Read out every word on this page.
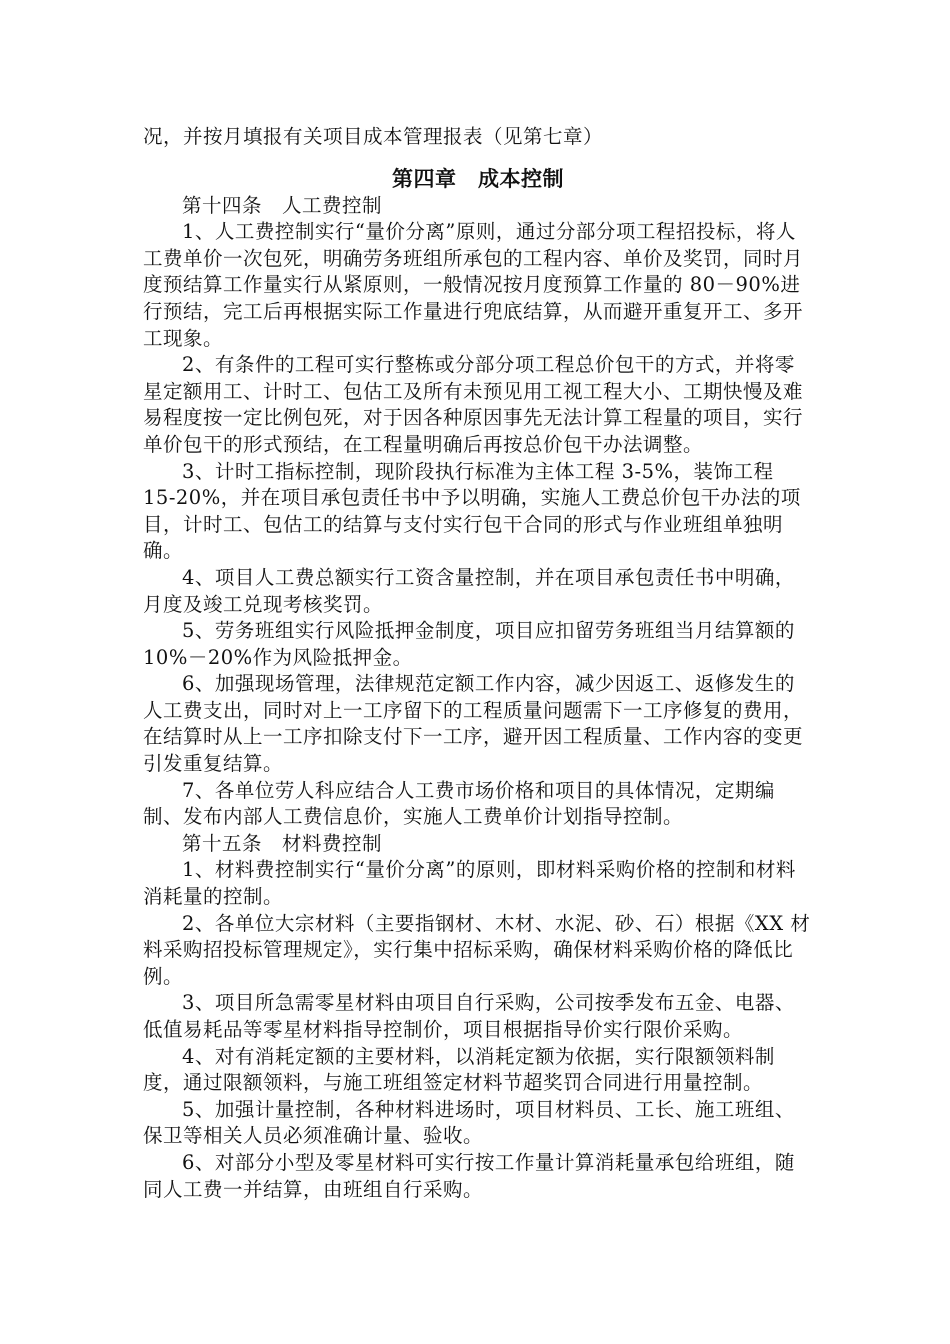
况，并按月填报有关项目成本管理报表（见第七章）

第四章　成本控制

第十四条　人工费控制

1、人工费控制实行“量价分离”原则，通过分部分项工程招投标，将人工费单价一次包死，明确劳务班组所承包的工程内容、单价及奖罚，同时月度预结算工作量实行从紧原则，一般情况按月度预算工作量的 80－90%进行预结，完工后再根据实际工作量进行兜底结算，从而避开重复开工、多开工现象。

2、有条件的工程可实行整栋或分部分项工程总价包干的方式，并将零星定额用工、计时工、包估工及所有未预见用工视工程大小、工期快慢及难易程度按一定比例包死，对于因各种原因事先无法计算工程量的项目，实行单价包干的形式预结，在工程量明确后再按总价包干办法调整。

3、计时工指标控制，现阶段执行标准为主体工程 3-5%，装饰工程 15-20%，并在项目承包责任书中予以明确，实施人工费总价包干办法的项目，计时工、包估工的结算与支付实行包干合同的形式与作业班组单独明确。

4、项目人工费总额实行工资含量控制，并在项目承包责任书中明确，月度及竣工兑现考核奖罚。

5、劳务班组实行风险抵押金制度，项目应扣留劳务班组当月结算额的 10%－20%作为风险抵押金。

6、加强现场管理，法律规范定额工作内容，减少因返工、返修发生的人工费支出，同时对上一工序留下的工程质量问题需下一工序修复的费用，在结算时从上一工序扣除支付下一工序，避开因工程质量、工作内容的变更引发重复结算。

7、各单位劳人科应结合人工费市场价格和项目的具体情况，定期编制、发布内部人工费信息价，实施人工费单价计划指导控制。

第十五条　材料费控制

1、材料费控制实行“量价分离”的原则，即材料采购价格的控制和材料消耗量的控制。

2、各单位大宗材料（主要指钢材、木材、水泥、砂、石）根据《XX 材料采购招投标管理规定》，实行集中招标采购，确保材料采购价格的降低比例。

3、项目所急需零星材料由项目自行采购，公司按季发布五金、电器、低值易耗品等零星材料指导控制价，项目根据指导价实行限价采购。

4、对有消耗定额的主要材料，以消耗定额为依据，实行限额领料制度，通过限额领料，与施工班组签定材料节超奖罚合同进行用量控制。

5、加强计量控制，各种材料进场时，项目材料员、工长、施工班组、保卫等相关人员必须准确计量、验收。

6、对部分小型及零星材料可实行按工作量计算消耗量承包给班组，随同人工费一并结算，由班组自行采购。
